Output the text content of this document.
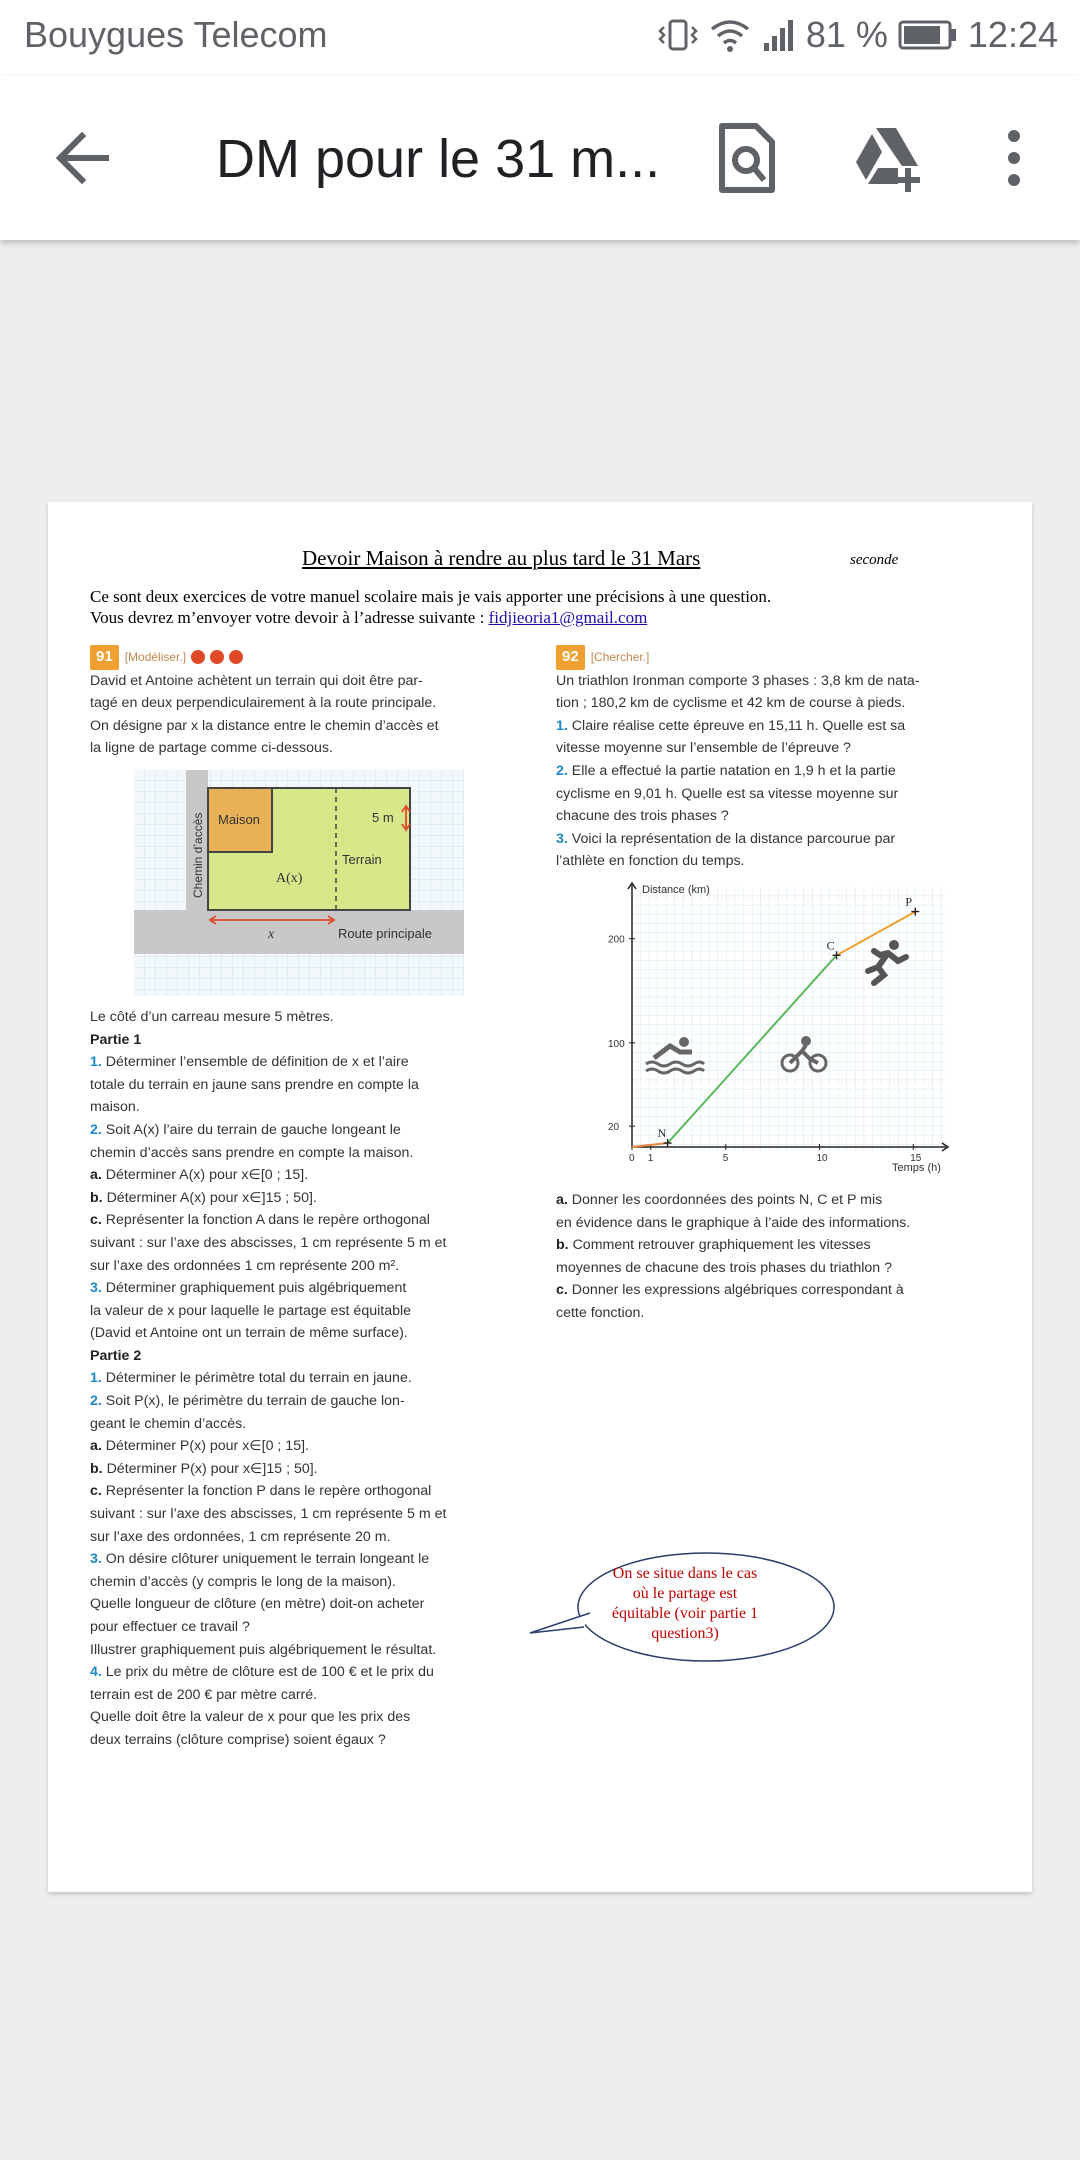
Bouygues Telecom	81 % 12:24
DM pour le 31 m...
Devoir Maison à rendre au plus tard le 31 Mars	seconde
Ce sont deux exercices de votre manuel scolaire mais je vais apporter une précisions à une question.
Vous devrez m’envoyer votre devoir à l’adresse suivante : fidjieoria1@gmail.com

91 [Modéliser.]

David et Antoine achètent un terrain qui doit être par-

tagé en deux perpendiculairement à la route principale.

On désigne par x la distance entre le chemin d’accès et

la ligne de partage comme ci-dessous.

Chemin d’accès Maison
Terrain
A(x)
5 m
x	Route principale

Le côté d’un carreau mesure 5 mètres.

Partie 1

1. Déterminer l’ensemble de définition de x et l’aire

totale du terrain en jaune sans prendre en compte la

maison.

2. Soit A(x) l’aire du terrain de gauche longeant le

chemin d’accès sans prendre en compte la maison.

a. Déterminer A(x) pour x∈[0 ; 15].

b. Déterminer A(x) pour x∈]15 ; 50].

c. Représenter la fonction A dans le repère orthogonal

suivant : sur l’axe des abscisses, 1 cm représente 5 m et

sur l’axe des ordonnées 1 cm représente 200 m².

3. Déterminer graphiquement puis algébriquement

la valeur de x pour laquelle le partage est équitable

(David et Antoine ont un terrain de même surface).

Partie 2

1. Déterminer le périmètre total du terrain en jaune.

2. Soit P(x), le périmètre du terrain de gauche lon-

geant le chemin d’accès.

a. Déterminer P(x) pour x∈[0 ; 15].

b. Déterminer P(x) pour x∈]15 ; 50].

c. Représenter la fonction P dans le repère orthogonal

suivant : sur l’axe des abscisses, 1 cm représente 5 m et

sur l’axe des ordonnées, 1 cm représente 20 m.

3. On désire clôturer uniquement le terrain longeant le

chemin d’accès (y compris le long de la maison).

Quelle longueur de clôture (en mètre) doit-on acheter

pour effectuer ce travail ?

Illustrer graphiquement puis algébriquement le résultat.

4. Le prix du mètre de clôture est de 100 € et le prix du

terrain est de 200 € par mètre carré.

Quelle doit être la valeur de x pour que les prix des

deux terrains (clôture comprise) soient égaux ?

92 [Chercher.]

Un triathlon Ironman comporte 3 phases : 3,8 km de nata-

tion ; 180,2 km de cyclisme et 42 km de course à pieds.

1. Claire réalise cette épreuve en 15,11 h. Quelle est sa

vitesse moyenne sur l’ensemble de l’épreuve ?

2. Elle a effectué la partie natation en 1,9 h et la partie

cyclisme en 9,01 h. Quelle est sa vitesse moyenne sur

chacune des trois phases ?

3. Voici la représentation de la distance parcourue par

l’athlète en fonction du temps.

Distance (km)
Temps (h)
0 1	5	10	15
20
100
200
N
C
P

a. Donner les coordonnées des points N, C et P mis

en évidence dans le graphique à l’aide des informations.

b. Comment retrouver graphiquement les vitesses

moyennes de chacune des trois phases du triathlon ?

c. Donner les expressions algébriques correspondant à

cette fonction.

On se situe dans le cas
où le partage est
équitable (voir partie 1
question3)
